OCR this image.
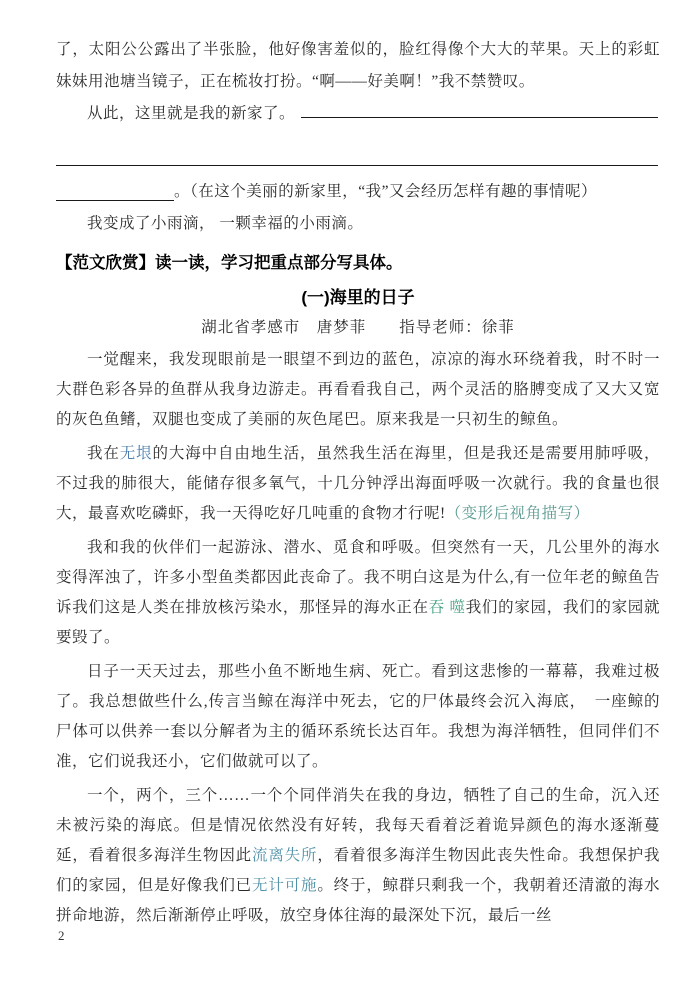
了，太阳公公露出了半张脸，他好像害羞似的，脸红得像个大大的苹果。天上的彩虹妹妹用池塘当镜子，正在梳妆打扮。“啊——好美啊！”我不禁赞叹。

从此，这里就是我的新家了。
。（在这个美丽的新家里，“我”又会经历怎样有趣的事情呢）

我变成了小雨滴， 一颗幸福的小雨滴。

【范文欣赏】读一读，学习把重点部分写具体。
(一)海里的日子

湖北省孝感市　唐梦菲　　指导老师：徐菲

一觉醒来，我发现眼前是一眼望不到边的蓝色，凉凉的海水环绕着我，时不时一大群色彩各异的鱼群从我身边游走。再看看我自己，两个灵活的胳膊变成了又大又宽的灰色鱼鳍，双腿也变成了美丽的灰色尾巴。原来我是一只初生的鲸鱼。

我在无垠的大海中自由地生活，虽然我生活在海里，但是我还是需要用肺呼吸，不过我的肺很大，能储存很多氧气，十几分钟浮出海面呼吸一次就行。我的食量也很大，最喜欢吃磷虾，我一天得吃好几吨重的食物才行呢!（变形后视角描写）

我和我的伙伴们一起游泳、潜水、觅食和呼吸。但突然有一天，几公里外的海水变得浑浊了，许多小型鱼类都因此丧命了。我不明白这是为什么,有一位年老的鲸鱼告诉我们这是人类在排放核污染水，那怪异的海水正在吞 噬我们的家园，我们的家园就要毁了。

日子一天天过去，那些小鱼不断地生病、死亡。看到这悲惨的一幕幕，我难过极了。我总想做些什么,传言当鲸在海洋中死去，它的尸体最终会沉入海底，　一座鲸的尸体可以供养一套以分解者为主的循环系统长达百年。我想为海洋牺牲，但同伴们不准，它们说我还小，它们做就可以了。

一个，两个，三个……一个个同伴消失在我的身边，牺牲了自己的生命，沉入还未被污染的海底。但是情况依然没有好转，我每天看着泛着诡异颜色的海水逐渐蔓延，看着很多海洋生物因此流离失所，看着很多海洋生物因此丧失性命。我想保护我们的家园，但是好像我们已无计可施。终于，鲸群只剩我一个，我朝着还清澈的海水拼命地游，然后渐渐停止呼吸，放空身体往海的最深处下沉，最后一丝

2
